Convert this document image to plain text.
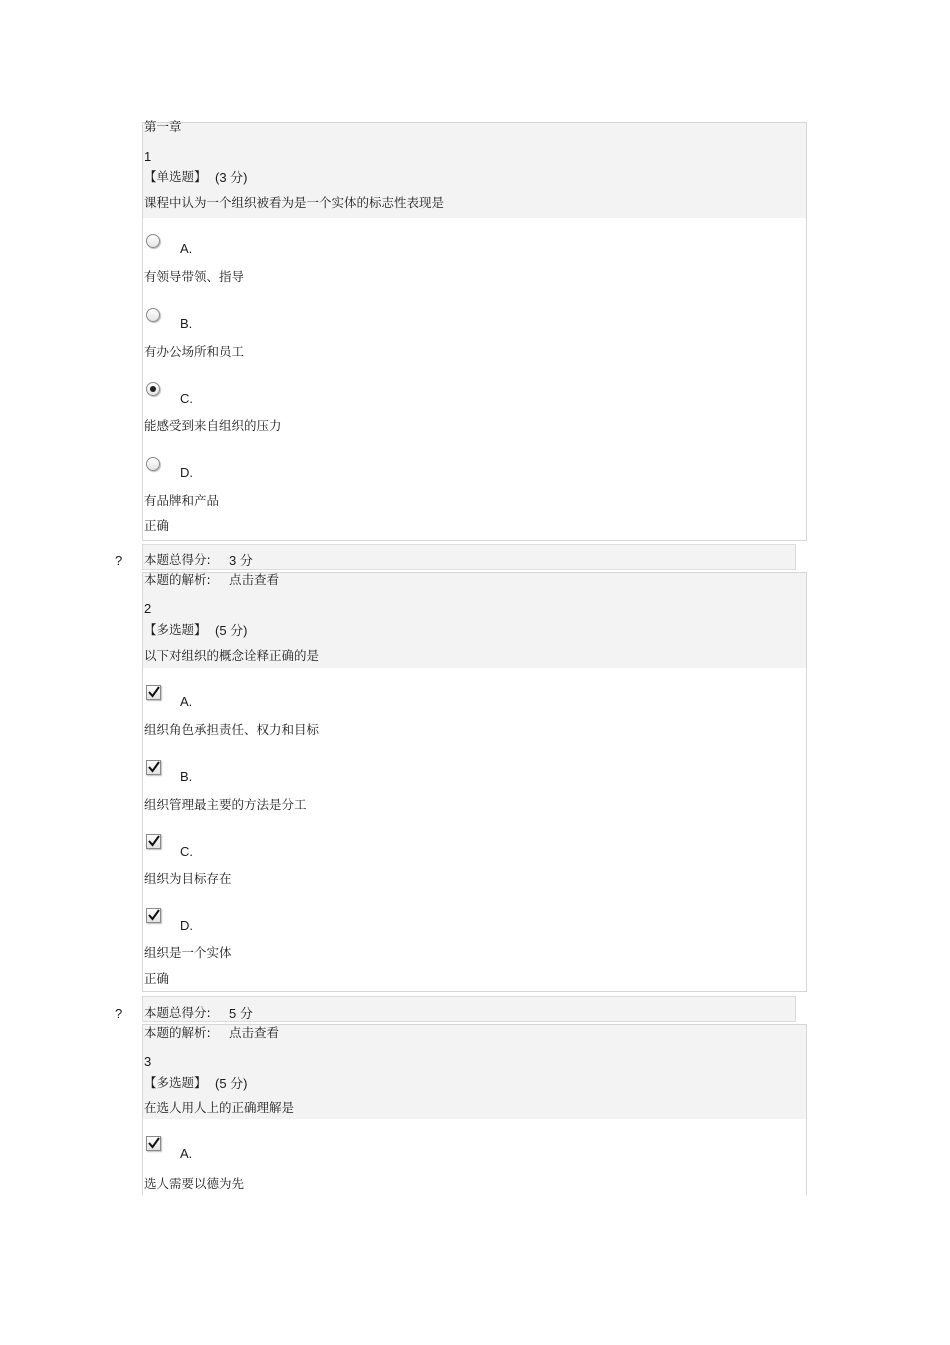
第一章
1
【单选题】 (3 分)
课程中认为一个组织被看为是一个实体的标志性表现是
A.
有领导带领、指导
B.
有办公场所和员工
C.
能感受到来自组织的压力
D.
有品牌和产品
正确
? 本题总得分: 3 分
本题的解析: 点击查看
2
【多选题】 (5 分)
以下对组织的概念诠释正确的是
A.
组织角色承担责任、权力和目标
B.
组织管理最主要的方法是分工
C.
组织为目标存在
D.
组织是一个实体
正确
? 本题总得分: 5 分
本题的解析: 点击查看
3
【多选题】 (5 分)
在选人用人上的正确理解是
A.
选人需要以德为先
